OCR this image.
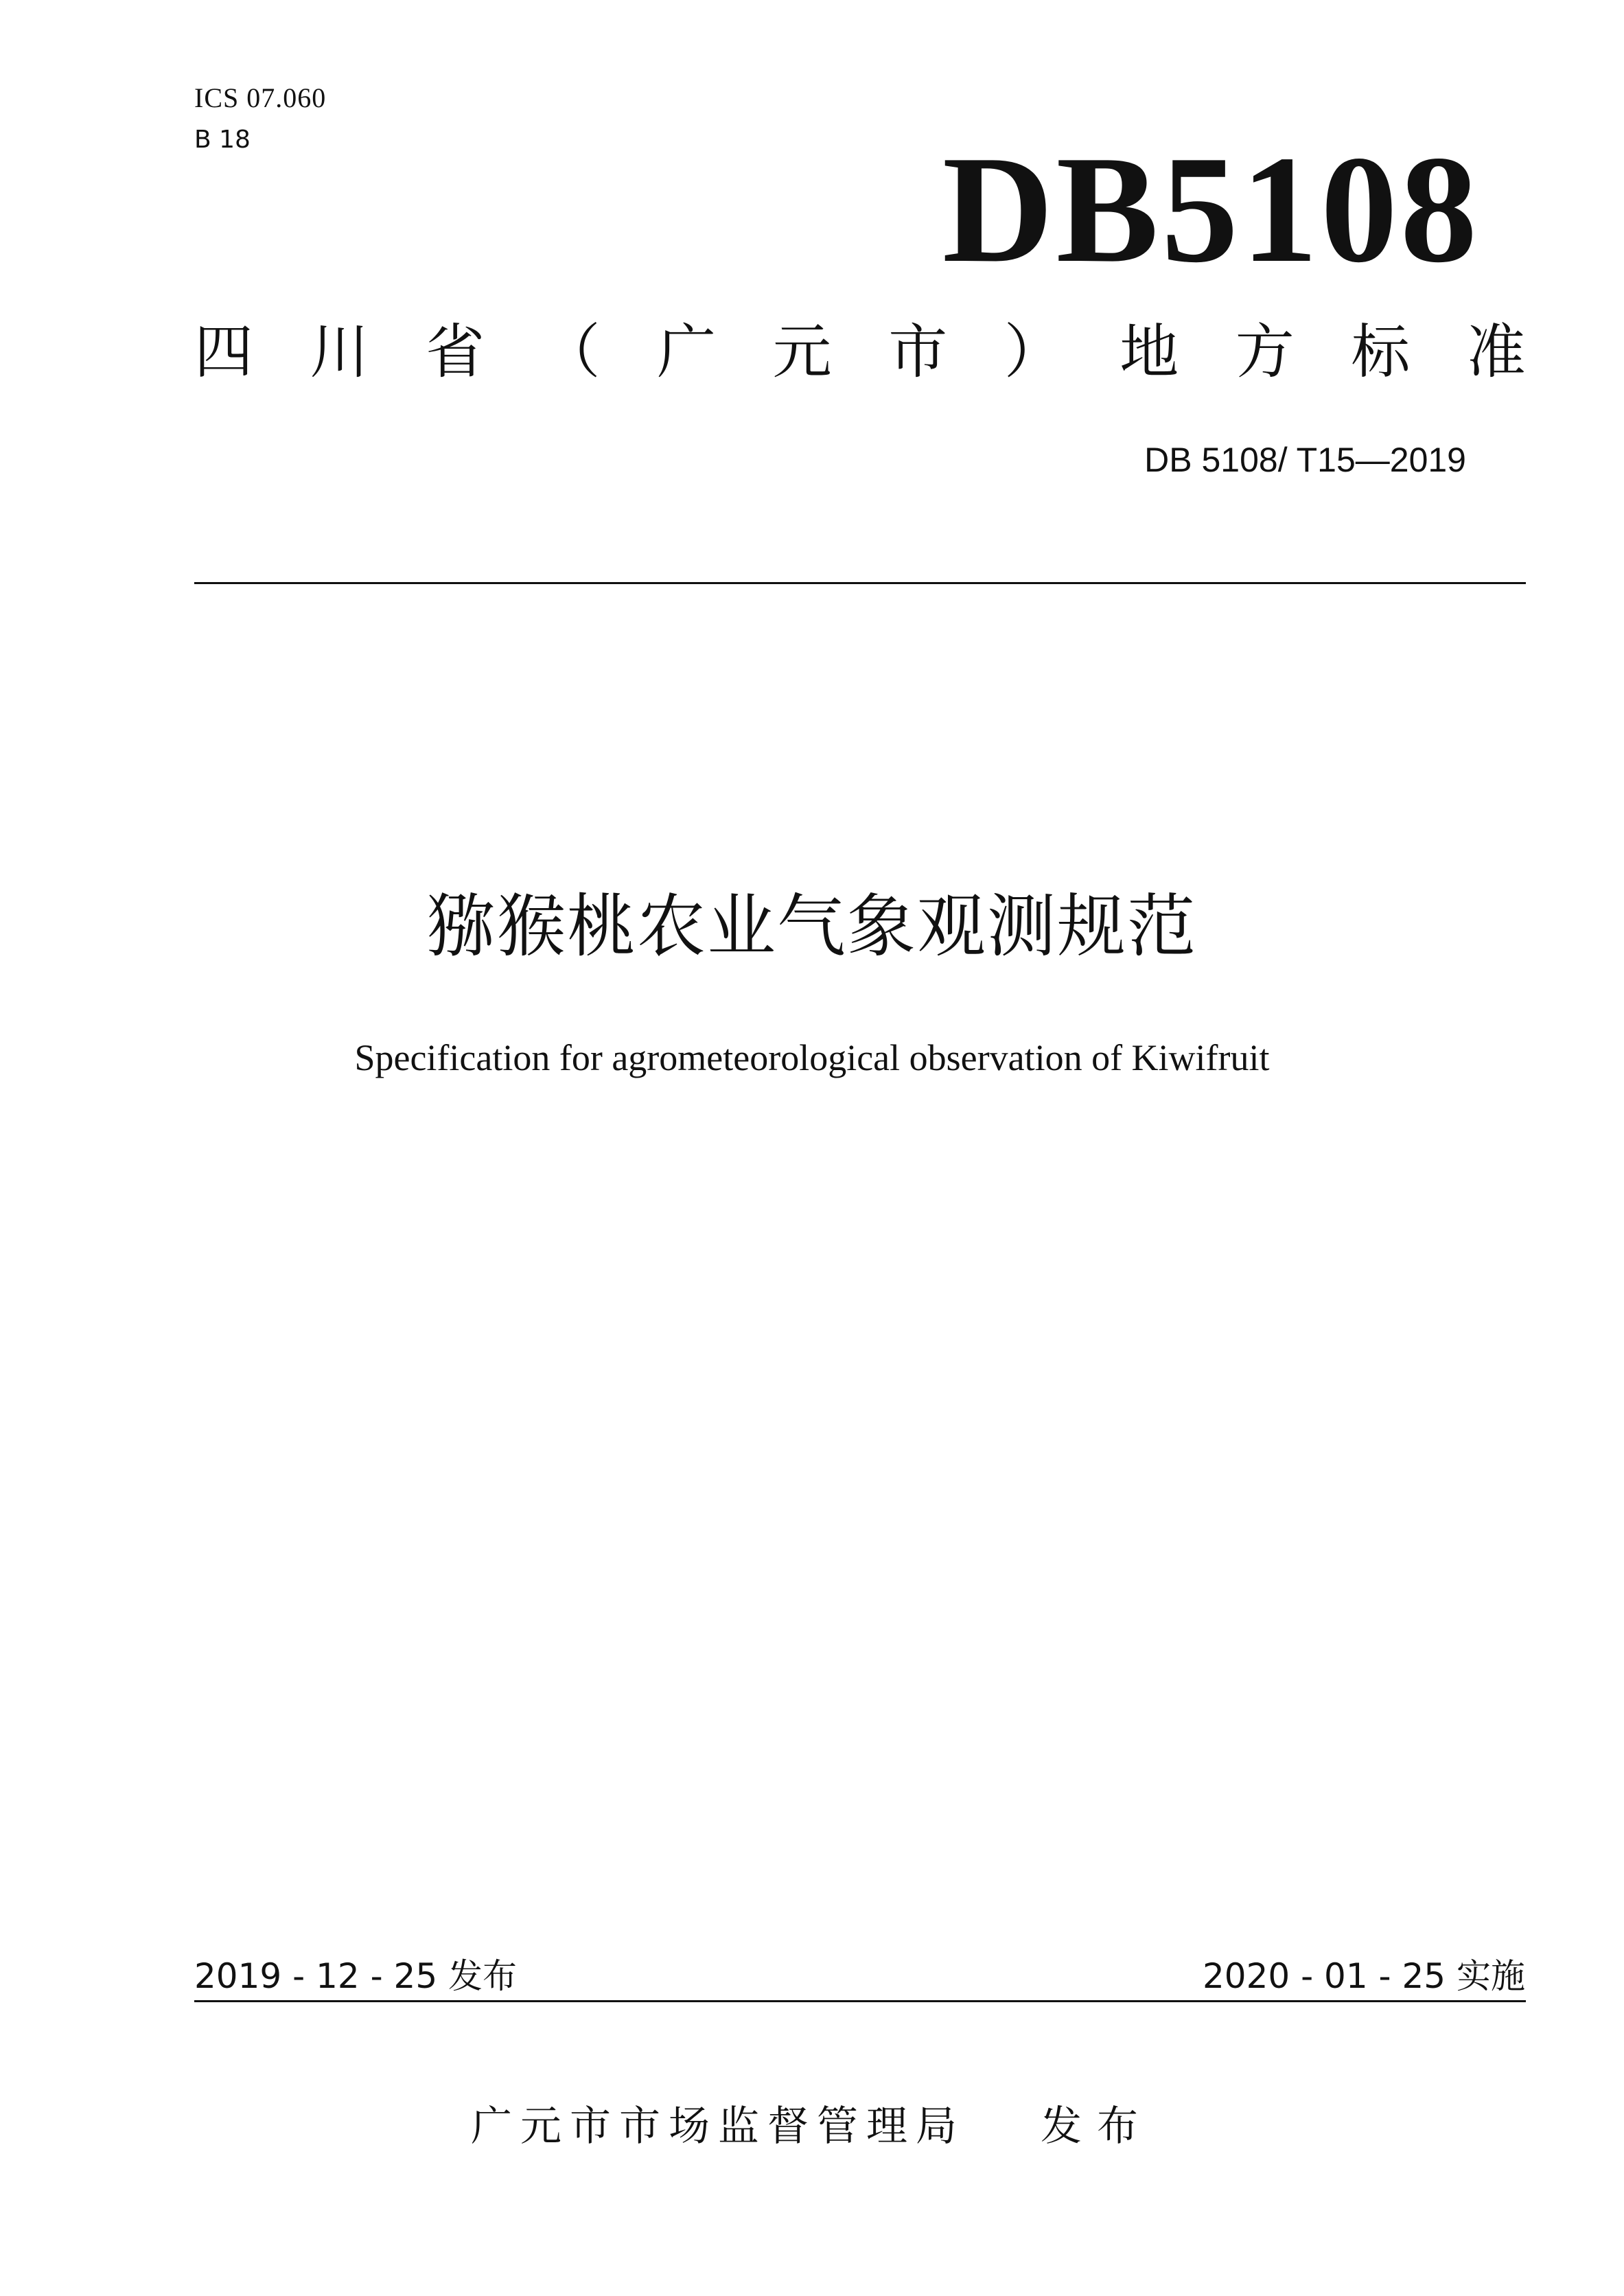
ICS 07.060
B 18	DB5108
四 川 省 （ 广 元 市 ） 地 方 标 准
DB 5108/ T15—2019
猕猴桃农业气象观测规范
Specification for agrometeorological observation of Kiwifruit
2019 - 12 - 25 发布	2020 - 01 - 25 实施
广元市市场监督管理局 发布
